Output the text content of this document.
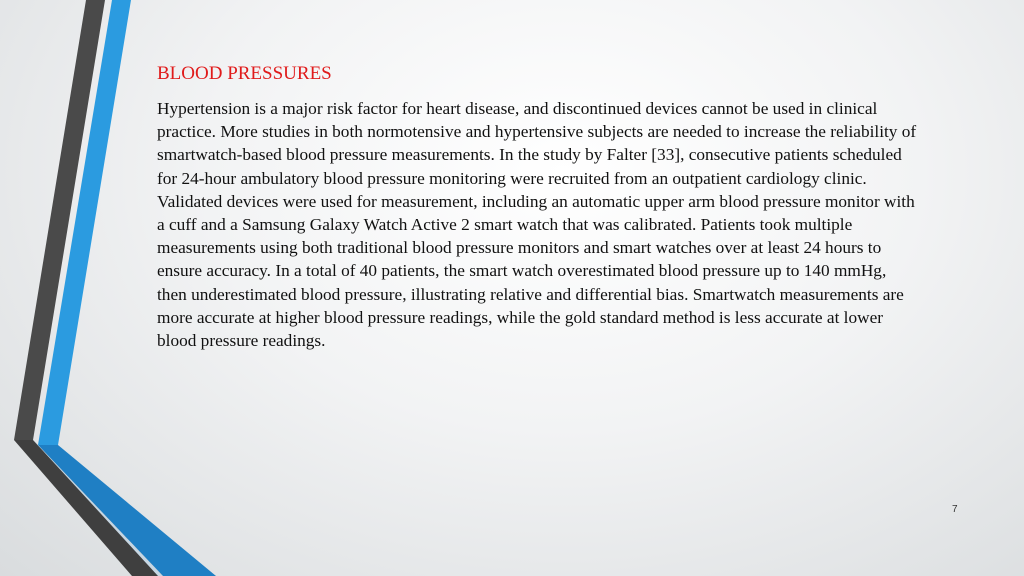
BLOOD PRESSURES

Hypertension is a major risk factor for heart disease, and discontinued devices cannot be used in clinical practice. More studies in both normotensive and hypertensive subjects are needed to increase the reliability of smartwatch-based blood pressure measurements. In the study by Falter [33], consecutive patients scheduled for 24-hour ambulatory blood pressure monitoring were recruited from an outpatient cardiology clinic. Validated devices were used for measurement, including an automatic upper arm blood pressure monitor with a cuff and a Samsung Galaxy Watch Active 2 smart watch that was calibrated. Patients took multiple measurements using both traditional blood pressure monitors and smart watches over at least 24 hours to ensure accuracy. In a total of 40 patients, the smart watch overestimated blood pressure up to 140 mmHg, then underestimated blood pressure, illustrating relative and differential bias. Smartwatch measurements are more accurate at higher blood pressure readings, while the gold standard method is less accurate at lower blood pressure readings.

7
